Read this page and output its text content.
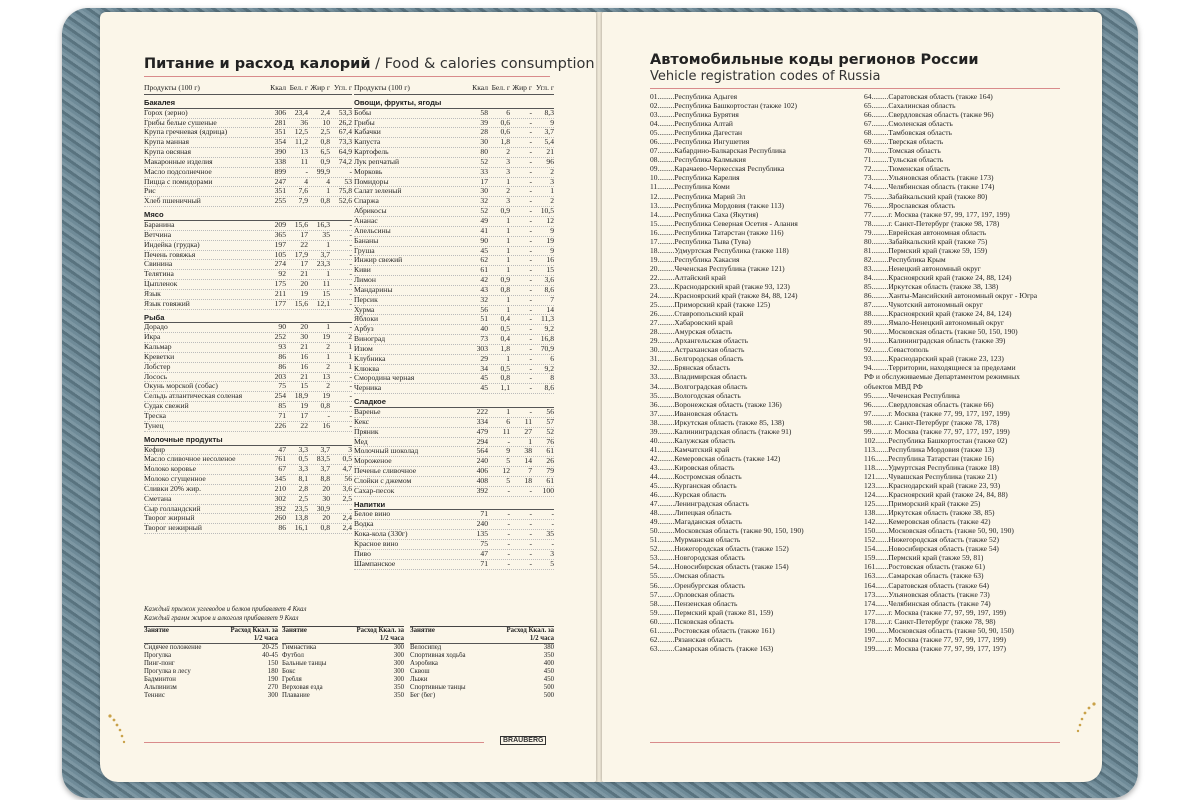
Питание и расход калорий / Food & calories consumption
Продукты (100 г)	Ккал Бел. г Жир г Угл. г
Бакалея
Горох (зерно)	306	23,4	2,4	53,3
Грибы белые сушеные	281	36	10	26,2
Крупа гречневая (ядрица)	351	12,5	2,5	67,4
Крупа манная	354	11,2	0,8	73,3
Крупа овсяная	390	13	6,5	64,9
Макаронные изделия	338	11	0,9	74,2
Масло подсолнечное	899	-	99,9	-
Пицца с помидорами	247	4	4	53
Рис	351	7,6	1	75,8
Хлеб пшеничный	255	7,9	0,8	52,6
Мясо
Баранина	209	15,6	16,3	-
Ветчина	365	17	35	-
Индейка (грудка)	197	22	1	-
Печень говяжья	105	17,9	3,7	-
Свинина	274	17	23,3	-
Телятина	92	21	1	-
Цыпленок	175	20	11	-
Язык	211	19	15	-
Язык говяжий	177	15,6	12,1	-
Рыба
Дорадо	90	20	1	-
Икра	252	30	19	2
Кальмар	93	21	2	1
Креветки	86	16	1	1
Лобстер	86	16	2	1
Лосось	203	21	13	-
Окунь морской (собас)	75	15	2	-
Сельдь атлантическая соленая	254	18,9	19	-
Судак свежий	85	19	0,8	-
Треска	71	17	-	-
Тунец	226	22	16	-
Молочные продукты
Кефир	47	3,3	3,7	3
Масло сливочное несоленое	761	0,5	83,5	0,5
Молоко коровье	67	3,3	3,7	4,7
Молоко сгущенное	345	8,1	8,8	56
Сливки 20% жир.	210	2,8	20	3,6
Сметана	302	2,5	30	2,5
Сыр голландский	392	23,5	30,9	-
Творог жирный	260	13,8	20	2,4
Творог нежирный	86	16,1	0,8	2,4
Продукты (100 г)	Ккал Бел. г Жир г Угл. г
Овощи, фрукты, ягоды
Бобы	58	6	-	8,3
Грибы	39	0,6	-	9
Кабачки	28	0,6	-	3,7
Капуста	30	1,8	-	5,4
Картофель	80	2	-	21
Лук репчатый	52	3	-	96
Морковь	33	3	-	2
Помидоры	17	1	-	3
Салат зеленый	30	2	-	1
Спаржа	32	3	-	2
Абрикосы	52	0,9	-	10,5
Ананас	49	1	-	12
Апельсины	41	1	-	9
Бананы	90	1	-	19
Груша	45	1	-	9
Инжир свежий	62	1	-	16
Киви	61	1	-	15
Лимон	42	0,9	-	3,6
Мандарины	43	0,8	-	8,6
Персик	32	1	-	7
Хурма	56	1	-	14
Яблоки	51	0,4	-	11,3
Арбуз	40	0,5	-	9,2
Виноград	73	0,4	-	16,8
Изюм	303	1,8	-	70,9
Клубника	29	1	-	6
Клюква	34	0,5	-	9,2
Смородина черная	45	0,8	-	8
Черника	45	1,1	-	8,6
Сладкое
Варенье	222	1	-	56
Кекс	334	6	11	57
Пряник	479	11	27	52
Мед	294	-	1	76
Молочный шоколад	564	9	38	61
Мороженое	240	5	14	26
Печенье сливочное	406	12	7	79
Слойки с джемом	408	5	18	61
Сахар-песок	392	-	-	100
Напитки
Белое вино	71	-	-	-
Водка	240	-	-	-
Кока-кола (330г)	135	-	-	35
Красное вино	75	-	-	-
Пиво	47	-	-	3
Шампанское	71	-	-	5
Каждый прыжок углеводов и белков прибавляет 4 Ккал
Каждый грамм жиров и алкоголя прибавляет 9 Ккал
Занятие	Расход Ккал. за 1/2 часа
Сидячее положение	20-25
Прогулка	40-45
Пинг-понг	150
Прогулка в лесу	180
Бадминтон	190
Альпинизм	270
Теннис	300
Занятие	Расход Ккал. за 1/2 часа
Гимнастика	300
Футбол	300
Бальные танцы	300
Бокс	300
Гребля	300
Верховая езда	350
Плавание	350
Занятие	Расход Ккал. за 1/2 часа
Велосипед	380
Спортивная ходьба	350
Аэробика	400
Сквош	450
Лыжи	450
Спортивные танцы	500
Бег (бег)	500
BRAUBERG
Автомобильные коды регионов России
Vehicle registration codes of Russia
01.........Республика Адыгея
02.........Республика Башкортостан (также 102)
03.........Республика Бурятия
04.........Республика Алтай
05.........Республика Дагестан
06.........Республика Ингушетия
07.........Кабардино-Балкарская Республика
08.........Республика Калмыкия
09.........Карачаево-Черкесская Республика
10.........Республика Карелия
11.........Республика Коми
12.........Республика Марий Эл
13.........Республика Мордовия (также 113)
14.........Республика Саха (Якутия)
15.........Республика Северная Осетия - Алания
16.........Республика Татарстан (также 116)
17.........Республика Тыва (Тува)
18.........Удмуртская Республика (также 118)
19.........Республика Хакасия
20.........Чеченская Республика (также 121)
22.........Алтайский край
23.........Краснодарский край (также 93, 123)
24.........Красноярский край (также 84, 88, 124)
25.........Приморский край (также 125)
26.........Ставропольский край
27.........Хабаровский край
28.........Амурская область
29.........Архангельская область
30.........Астраханская область
31.........Белгородская область
32.........Брянская область
33.........Владимирская область
34.........Волгоградская область
35.........Вологодская область
36.........Воронежская область (также 136)
37.........Ивановская область
38.........Иркутская область (также 85, 138)
39.........Калининградская область (также 91)
40.........Калужская область
41.........Камчатский край
42.........Кемеровская область (также 142)
43.........Кировская область
44.........Костромская область
45.........Курганская область
46.........Курская область
47.........Ленинградская область
48.........Липецкая область
49.........Магаданская область
50.........Московская область (также 90, 150, 190)
51.........Мурманская область
52.........Нижегородская область (также 152)
53.........Новгородская область
54.........Новосибирская область (также 154)
55.........Омская область
56.........Оренбургская область
57.........Орловская область
58.........Пензенская область
59.........Пермский край (также 81, 159)
60.........Псковская область
61.........Ростовская область (также 161)
62.........Рязанская область
63.........Самарская область (также 163)
64.........Саратовская область (также 164)
65.........Сахалинская область
66.........Свердловская область (также 96)
67.........Смоленская область
68.........Тамбовская область
69.........Тверская область
70.........Томская область
71.........Тульская область
72.........Тюменская область
73.........Ульяновская область (также 173)
74.........Челябинская область (также 174)
75.........Забайкальский край (также 80)
76.........Ярославская область
77.........г. Москва (также 97, 99, 177, 197, 199)
78.........г. Санкт-Петербург (также 98, 178)
79.........Еврейская автономная область
80.........Забайкальский край (также 75)
81.........Пермский край (также 59, 159)
82.........Республика Крым
83.........Ненецкий автономный округ
84.........Красноярский край (также 24, 88, 124)
85.........Иркутская область (также 38, 138)
86.........Ханты-Мансийский автономный округ - Югра
87.........Чукотский автономный округ
88.........Красноярский край (также 24, 84, 124)
89.........Ямало-Ненецкий автономный округ
90.........Московская область (также 50, 150, 190)
91.........Калининградская область (также 39)
92.........Севастополь
93.........Краснодарский край (также 23, 123)
94.........Территории, находящиеся за пределами
РФ и обслуживаемые Департаментом режимных
объектов МВД РФ
95.........Чеченская Республика
96.........Свердловская область (также 66)
97.........г. Москва (также 77, 99, 177, 197, 199)
98.........г. Санкт-Петербург (также 78, 178)
99.........г. Москва (также 77, 97, 177, 197, 199)
102.......Республика Башкортостан (также 02)
113.......Республика Мордовия (также 13)
116.......Республика Татарстан (также 16)
118.......Удмуртская Республика (также 18)
121.......Чувашская Республика (также 21)
123.......Краснодарский край (также 23, 93)
124.......Красноярский край (также 24, 84, 88)
125.......Приморский край (также 25)
138.......Иркутская область (также 38, 85)
142.......Кемеровская область (также 42)
150.......Московская область (также 50, 90, 190)
152.......Нижегородская область (также 52)
154.......Новосибирская область (также 54)
159.......Пермский край (также 59, 81)
161.......Ростовская область (также 61)
163.......Самарская область (также 63)
164.......Саратовская область (также 64)
173.......Ульяновская область (также 73)
174.......Челябинская область (также 74)
177.......г. Москва (также 77, 97, 99, 197, 199)
178.......г. Санкт-Петербург (также 78, 98)
190.......Московская область (также 50, 90, 150)
197.......г. Москва (также 77, 97, 99, 177, 199)
199.......г. Москва (также 77, 97, 99, 177, 197)
